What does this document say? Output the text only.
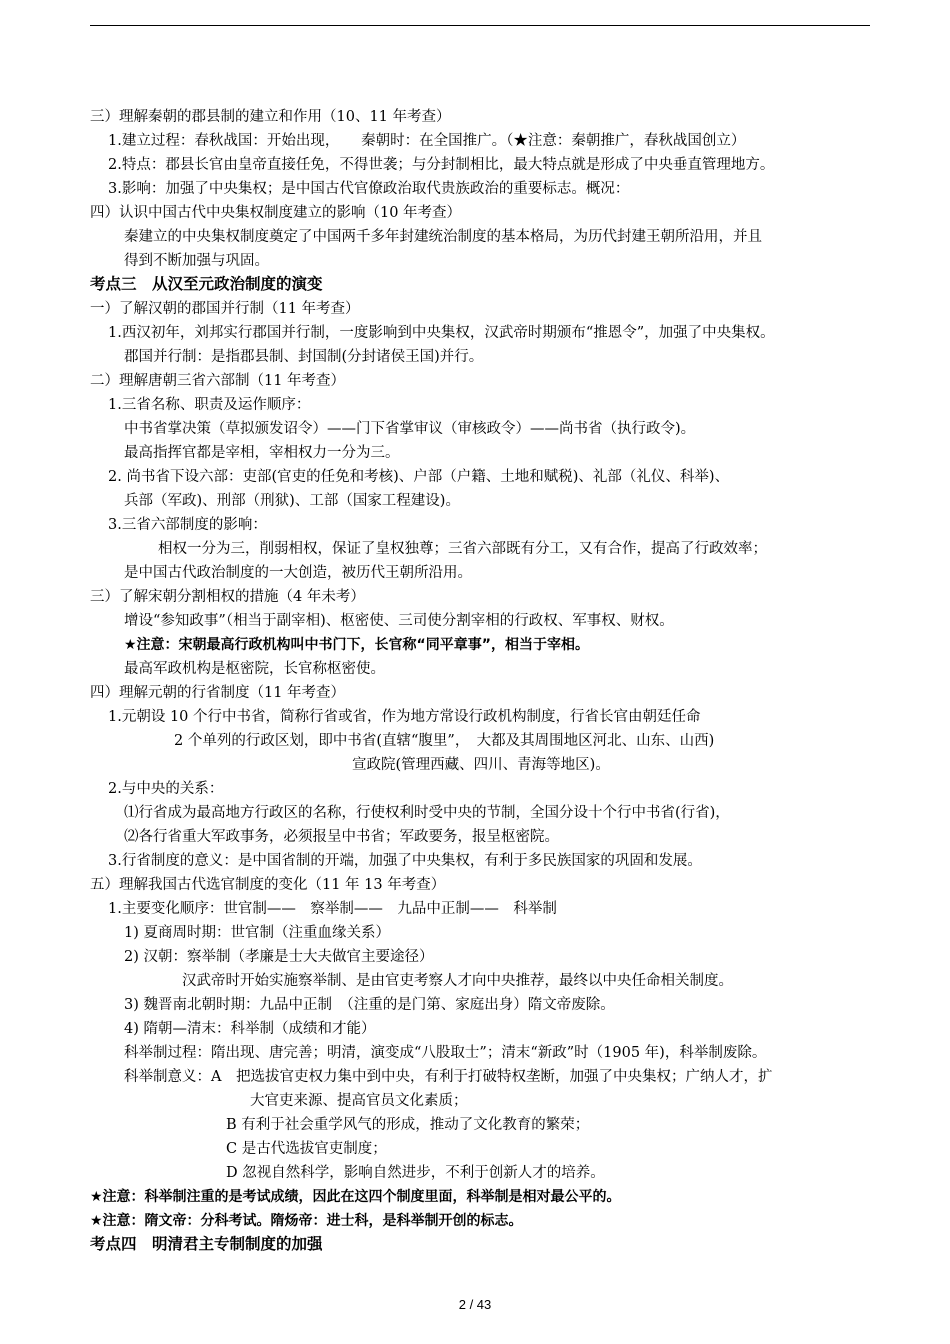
三）理解秦朝的郡县制的建立和作用（10、11 年考查）
1.建立过程：春秋战国：开始出现，　　秦朝时：在全国推广。（★注意：秦朝推广，春秋战国创立）
2.特点：郡县长官由皇帝直接任免，不得世袭；与分封制相比，最大特点就是形成了中央垂直管理地方。
3.影响：加强了中央集权；是中国古代官僚政治取代贵族政治的重要标志。概况：
四）认识中国古代中央集权制度建立的影响（10 年考查）
秦建立的中央集权制度奠定了中国两千多年封建统治制度的基本格局，为历代封建王朝所沿用，并且
得到不断加强与巩固。
考点三　从汉至元政治制度的演变
一）了解汉朝的郡国并行制（11 年考查）
1.西汉初年，刘邦实行郡国并行制，一度影响到中央集权，汉武帝时期颁布“推恩令”，加强了中央集权。
郡国并行制：是指郡县制、封国制(分封诸侯王国)并行。
二）理解唐朝三省六部制（11 年考查）
1.三省名称、职责及运作顺序：
中书省掌决策（草拟颁发诏令）——门下省掌审议（审核政令）——尚书省（执行政令)。
最高指挥官都是宰相，宰相权力一分为三。
2. 尚书省下设六部：吏部(官吏的任免和考核)、户部（户籍、土地和赋税)、礼部（礼仪、科举)、
兵部（军政)、刑部（刑狱)、工部（国家工程建设)。
3.三省六部制度的影响：
相权一分为三，削弱相权，保证了皇权独尊；三省六部既有分工，又有合作，提高了行政效率；
是中国古代政治制度的一大创造，被历代王朝所沿用。
三）了解宋朝分割相权的措施（4 年未考）
增设“参知政事”（相当于副宰相)、枢密使、三司使分割宰相的行政权、军事权、财权。
★注意：宋朝最高行政机构叫中书门下，长官称“同平章事”，相当于宰相。
最高军政机构是枢密院，长官称枢密使。
四）理解元朝的行省制度（11 年考查）
1.元朝设 10 个行中书省，简称行省或省，作为地方常设行政机构制度，行省长官由朝廷任命
2 个单列的行政区划，即中书省(直辖“腹里”，　大都及其周围地区河北、山东、山西)
宣政院(管理西藏、四川、青海等地区)。
2.与中央的关系：
⑴行省成为最高地方行政区的名称，行使权利时受中央的节制，全国分设十个行中书省(行省)，
⑵各行省重大军政事务，必须报呈中书省；军政要务，报呈枢密院。
3.行省制度的意义：是中国省制的开端，加强了中央集权，有利于多民族国家的巩固和发展。
五）理解我国古代选官制度的变化（11 年 13 年考查）
1.主要变化顺序：世官制——　察举制——　九品中正制——　科举制
1) 夏商周时期：世官制（注重血缘关系）
2) 汉朝：察举制（孝廉是士大夫做官主要途径）
汉武帝时开始实施察举制、是由官吏考察人才向中央推荐，最终以中央任命相关制度。
3) 魏晋南北朝时期：九品中正制　（注重的是门第、家庭出身）隋文帝废除。
4) 隋朝—清末：科举制（成绩和才能）
科举制过程：隋出现、唐完善；明清，演变成“八股取士”；清末“新政”时（1905 年)，科举制废除。
科举制意义：A　把选拔官吏权力集中到中央，有利于打破特权垄断，加强了中央集权；广纳人才，扩
大官吏来源、提高官员文化素质；
B 有利于社会重学风气的形成，推动了文化教育的繁荣；
C 是古代选拔官吏制度；
D 忽视自然科学，影响自然进步，不利于创新人才的培养。
★注意：科举制注重的是考试成绩，因此在这四个制度里面，科举制是相对最公平的。
★注意：隋文帝：分科考试。隋炀帝：进士科，是科举制开创的标志。
考点四　明清君主专制制度的加强
2 / 43
